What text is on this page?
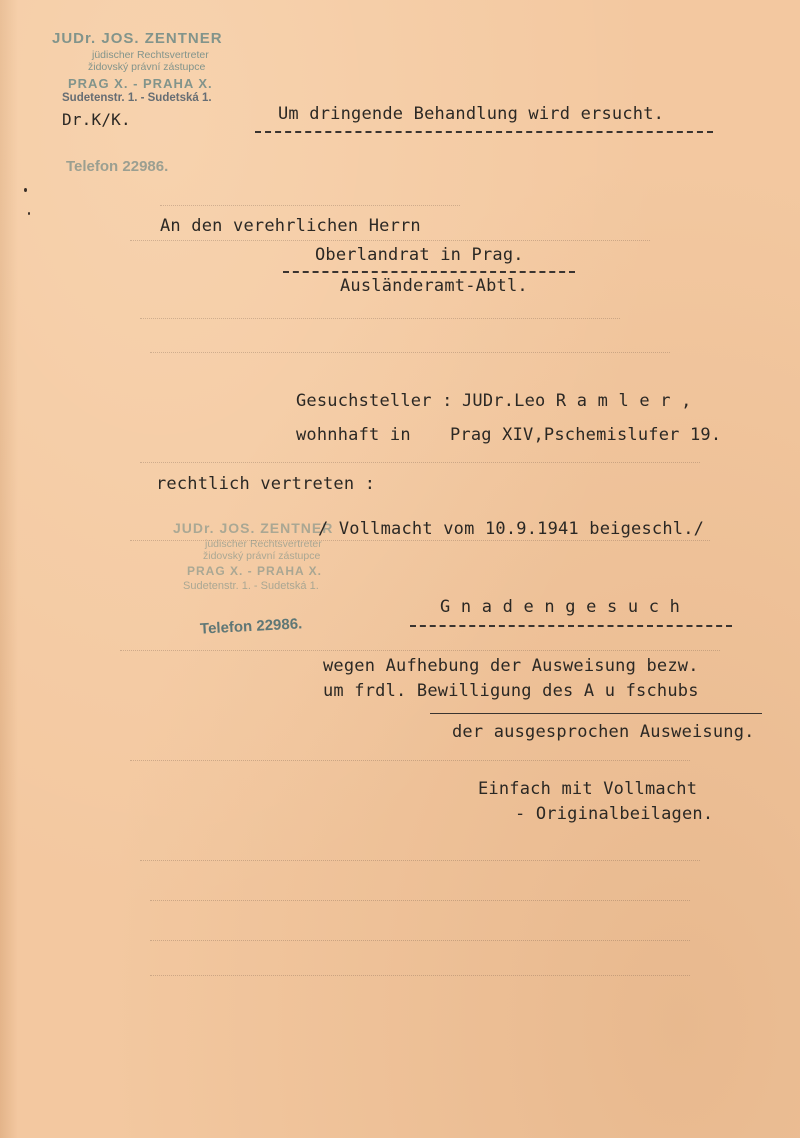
JUDr. JOS. ZENTNER
jüdischer Rechtsvertreter
židovský právní zástupce
PRAG X. - PRAHA X.
Sudetenstr. 1. - Sudetská 1.
Dr.K/K.
Telefon 22986.
Um dringende Behandlung wird ersucht.
An den verehrlichen Herrn
Oberlandrat in Prag.
Ausländeramt-Abtl.
Gesuchsteller : JUDr.Leo R a m l e r ,
wohnhaft in Prag XIV,Pschemislufer 19.
rechtlich vertreten :
JUDr. JOS. ZENTNER
jüdischer Rechtsvertreter
židovský právní zástupce
PRAG X. - PRAHA X.
Sudetenstr. 1. - Sudetská 1.
/ Vollmacht vom 10.9.1941 beigeschl./
Telefon 22986.
G n a d e n g e s u c h
wegen Aufhebung der Ausweisung bezw.
um frdl. Bewilligung des A u fschubs
der ausgesprochen Ausweisung.
Einfach mit Vollmacht
- Originalbeilagen.
